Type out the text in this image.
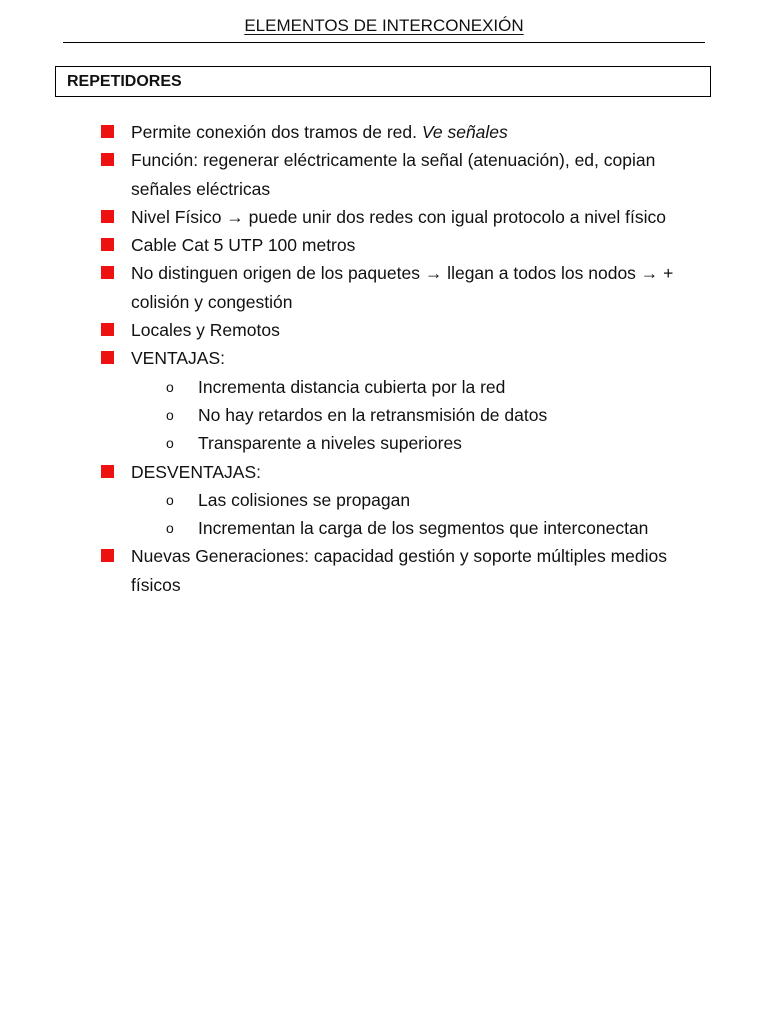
ELEMENTOS DE INTERCONEXIÓN
REPETIDORES
Permite conexión dos tramos de red. Ve señales
Función: regenerar eléctricamente la señal (atenuación), ed, copian señales eléctricas
Nivel Físico → puede unir dos redes con igual protocolo a nivel físico
Cable Cat 5 UTP 100 metros
No distinguen origen de los paquetes → llegan a todos los nodos → + colisión y congestión
Locales y Remotos
VENTAJAS:
o Incrementa distancia cubierta por la red
o No hay retardos en la retransmisión de datos
o Transparente a niveles superiores
DESVENTAJAS:
o Las colisiones se propagan
o Incrementan la carga de los segmentos que interconectan
Nuevas Generaciones: capacidad gestión y soporte múltiples medios físicos
